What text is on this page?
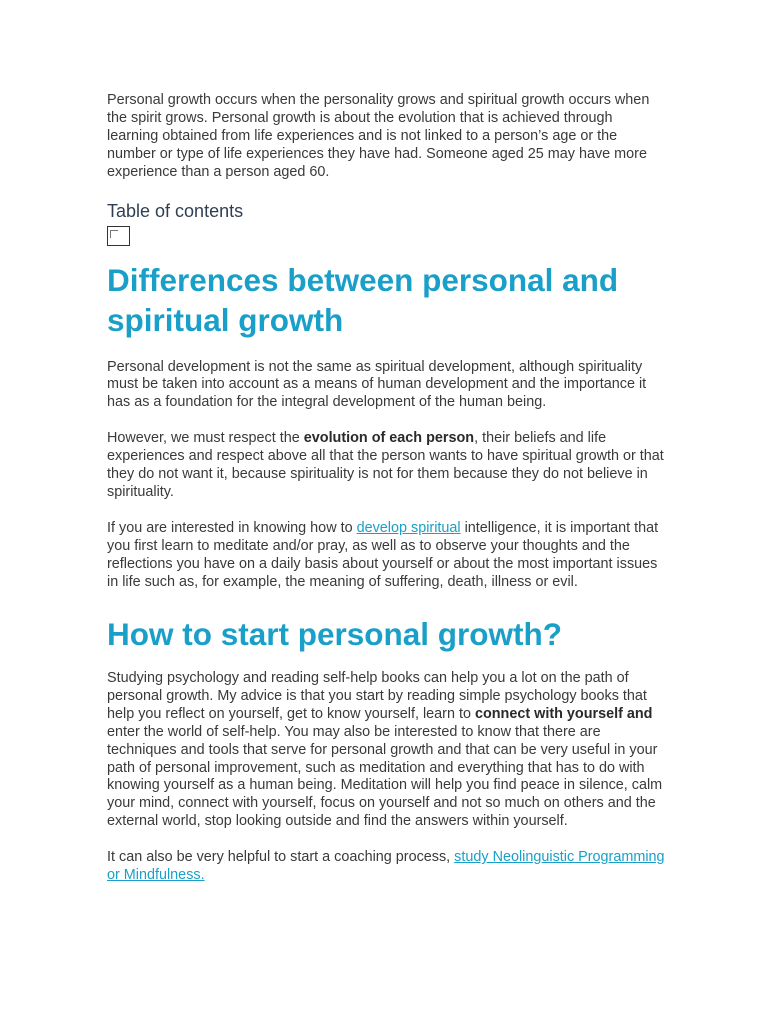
Personal growth occurs when the personality grows and spiritual growth occurs when the spirit grows. Personal growth is about the evolution that is achieved through learning obtained from life experiences and is not linked to a person’s age or the number or type of life experiences they have had. Someone aged 25 may have more experience than a person aged 60.

Table of contents
Differences between personal and spiritual growth

Personal development is not the same as spiritual development, although spirituality must be taken into account as a means of human development and the importance it has as a foundation for the integral development of the human being.

However, we must respect the evolution of each person, their beliefs and life experiences and respect above all that the person wants to have spiritual growth or that they do not want it, because spirituality is not for them because they do not believe in spirituality.

If you are interested in knowing how to develop spiritual intelligence, it is important that you first learn to meditate and/or pray, as well as to observe your thoughts and the reflections you have on a daily basis about yourself or about the most important issues in life such as, for example, the meaning of suffering, death, illness or evil.

How to start personal growth?

Studying psychology and reading self-help books can help you a lot on the path of personal growth. My advice is that you start by reading simple psychology books that help you reflect on yourself, get to know yourself, learn to connect with yourself and enter the world of self-help. You may also be interested to know that there are techniques and tools that serve for personal growth and that can be very useful in your path of personal improvement, such as meditation and everything that has to do with knowing yourself as a human being. Meditation will help you find peace in silence, calm your mind, connect with yourself, focus on yourself and not so much on others and the external world, stop looking outside and find the answers within yourself.

It can also be very helpful to start a coaching process, study Neolinguistic Programming or Mindfulness.
